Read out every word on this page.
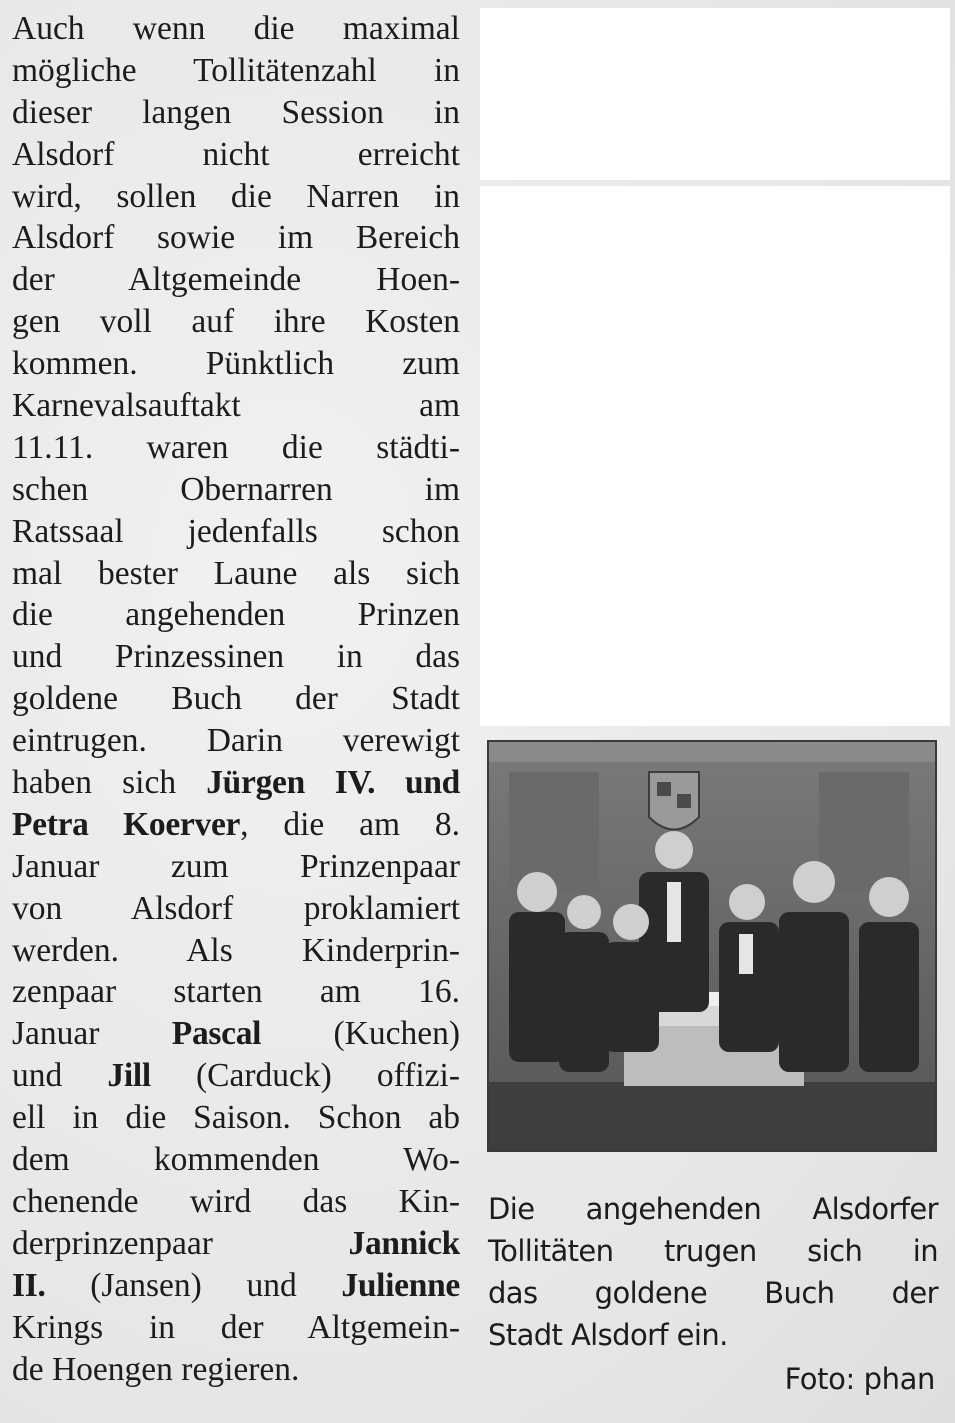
Auch wenn die maximal
mögliche Tollitätenzahl in
dieser langen Session in
Alsdorf nicht erreicht
wird, sollen die Narren in
Alsdorf sowie im Bereich
der Altgemeinde Hoen-
gen voll auf ihre Kosten
kommen. Pünktlich zum
Karnevalsauftakt am
11.11. waren die städti-
schen Obernarren im
Ratssaal jedenfalls schon
mal bester Laune als sich
die angehenden Prinzen
und Prinzessinen in das
goldene Buch der Stadt
eintrugen. Darin verewigt
haben sich Jürgen IV. und
Petra Koerver, die am 8.
Januar zum Prinzenpaar
von Alsdorf proklamiert
werden. Als Kinderprin-
zenpaar starten am 16.
Januar Pascal (Kuchen)
und Jill (Carduck) offizi-
ell in die Saison. Schon ab
dem kommenden Wo-
chenende wird das Kin-
derprinzenpaar Jannick
II. (Jansen) und Julienne
Krings in der Altgemein-
de Hoengen regieren.
Die angehenden Alsdorfer
Tollitäten trugen sich in
das goldene Buch der
Stadt Alsdorf ein.
Foto: phan
